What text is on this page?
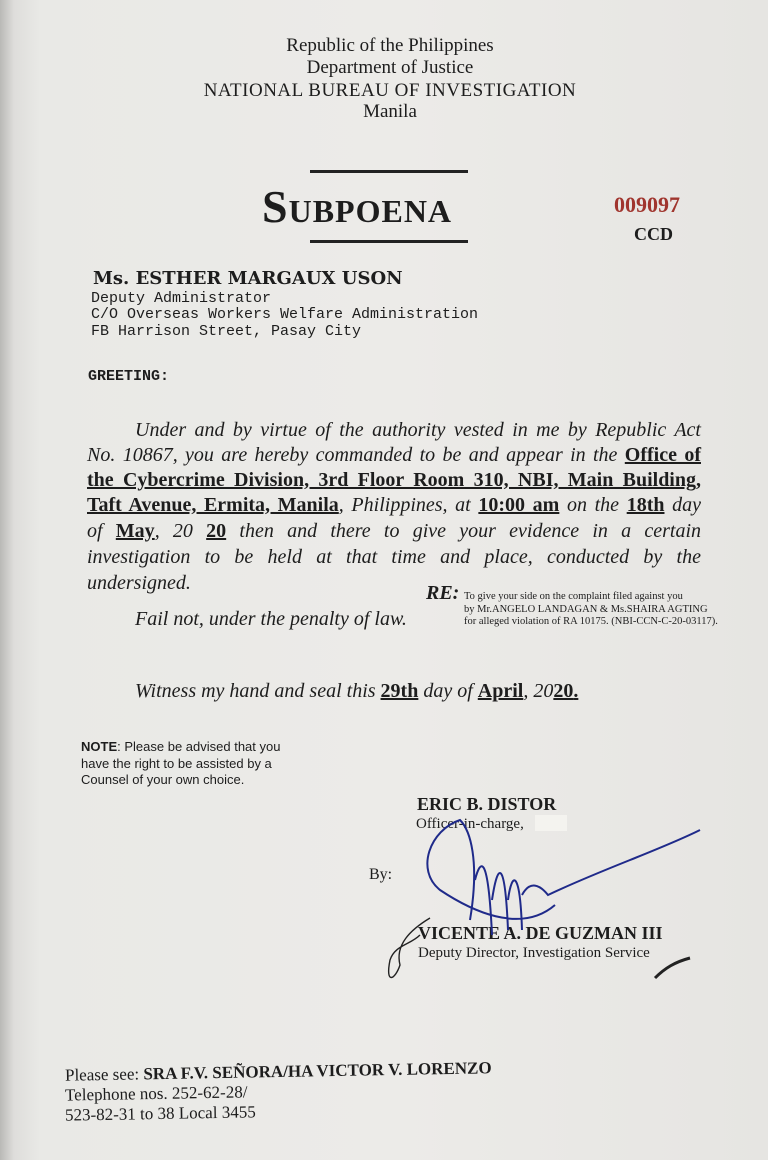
Republic of the Philippines
Department of Justice
NATIONAL BUREAU OF INVESTIGATION
Manila
Subpoena	009097
CCD
Ms. ESTHER MARGAUX USON
Deputy Administrator
C/O Overseas Workers Welfare Administration
FB Harrison Street, Pasay City
GREETING:
Under and by virtue of the authority vested in me by Republic Act
No. 10867, you are hereby commanded to be and appear in the Office of
the Cybercrime Division, 3rd Floor Room 310, NBI, Main Building,
Taft Avenue, Ermita, Manila, Philippines, at 10:00 am on the 18th day
of May, 20 20 then and there to give your evidence in a certain
investigation to be held at that time and place, conducted by the
undersigned.
Fail not, under the penalty of law.
RE: To give your side on the complaint filed against you
by Mr.ANGELO LANDAGAN & Ms.SHAIRA AGTING
for alleged violation of RA 10175. (NBI-CCN-C-20-03117).
Witness my hand and seal this 29th day of April, 2020.
NOTE: Please be advised that you
have the right to be assisted by a
Counsel of your own choice.
ERIC B. DISTOR
Officer-in-charge,
By:
VICENTE A. DE GUZMAN III
Deputy Director, Investigation Service
Please see: SRA F.V. SEÑORA/HA VICTOR V. LORENZO
Telephone nos. 252-62-28/
523-82-31 to 38 Local 3455
